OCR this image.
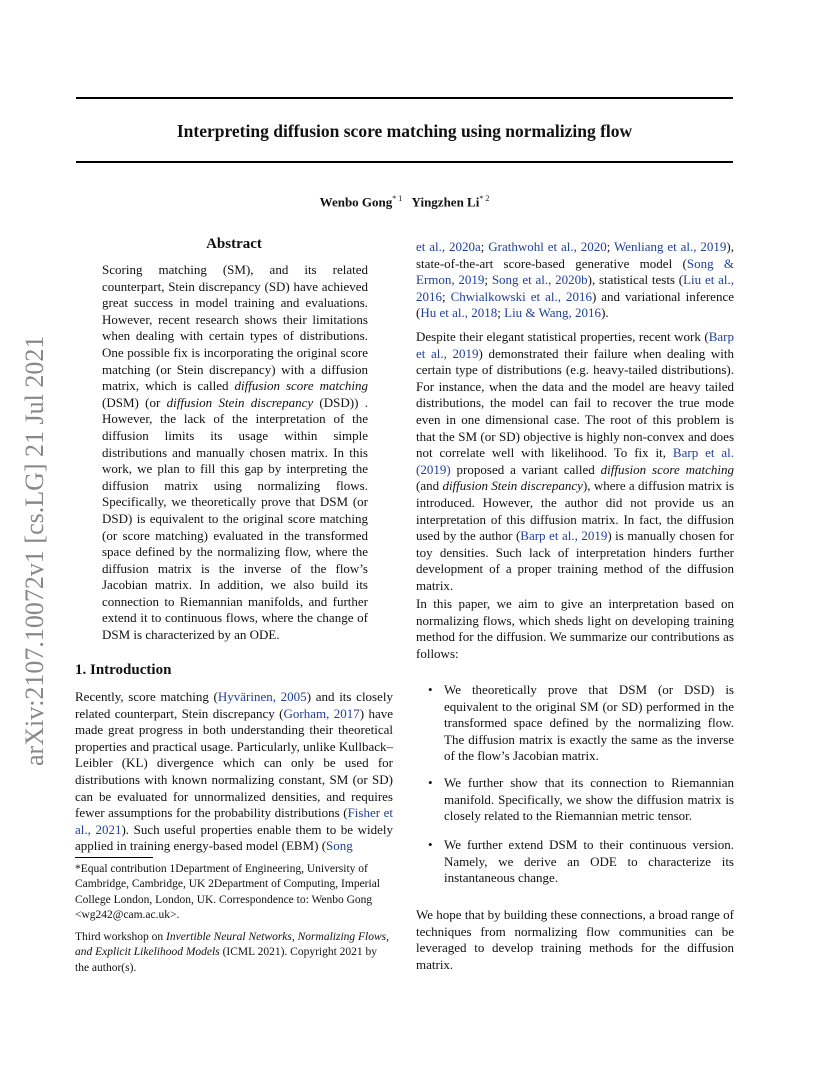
Interpreting diffusion score matching using normalizing flow
Wenbo Gong$^{* 1}$ Yingzhen Li$^{* 2}$
arXiv:2107.10072v1 [cs.LG] 21 Jul 2021
Abstract

Scoring matching (SM), and its related counterpart, Stein discrepancy (SD) have achieved great success in model training and evaluations. However, recent research shows their limitations when dealing with certain types of distributions. One possible fix is incorporating the original score matching (or Stein discrepancy) with a diffusion matrix, which is called diffusion score matching (DSM) (or diffusion Stein discrepancy (DSD)) . However, the lack of the interpretation of the diffusion limits its usage within simple distributions and manually chosen matrix. In this work, we plan to fill this gap by interpreting the diffusion matrix using normalizing flows. Specifically, we theoretically prove that DSM (or DSD) is equivalent to the original score matching (or score matching) evaluated in the transformed space defined by the normalizing flow, where the diffusion matrix is the inverse of the flow’s Jacobian matrix. In addition, we also build its connection to Riemannian manifolds, and further extend it to continuous flows, where the change of DSM is characterized by an ODE.

1. Introduction

Recently, score matching (Hyvärinen, 2005) and its closely related counterpart, Stein discrepancy (Gorham, 2017) have made great progress in both understanding their theoretical properties and practical usage. Particularly, unlike Kullback–Leibler (KL) divergence which can only be used for distributions with known normalizing constant, SM (or SD) can be evaluated for unnormalized densities, and requires fewer assumptions for the probability distributions (Fisher et al., 2021). Such useful properties enable them to be widely applied in training energy-based model (EBM) (Song

*Equal contribution 1Department of Engineering, University of Cambridge, Cambridge, UK 2Department of Computing, Imperial College London, London, UK. Correspondence to: Wenbo Gong <wg242@cam.ac.uk>.

Third workshop on Invertible Neural Networks, Normalizing Flows, and Explicit Likelihood Models (ICML 2021). Copyright 2021 by the author(s).

et al., 2020a; Grathwohl et al., 2020; Wenliang et al., 2019), state-of-the-art score-based generative model (Song & Ermon, 2019; Song et al., 2020b), statistical tests (Liu et al., 2016; Chwialkowski et al., 2016) and variational inference (Hu et al., 2018; Liu & Wang, 2016).

Despite their elegant statistical properties, recent work (Barp et al., 2019) demonstrated their failure when dealing with certain type of distributions (e.g. heavy-tailed distributions). For instance, when the data and the model are heavy tailed distributions, the model can fail to recover the true mode even in one dimensional case. The root of this problem is that the SM (or SD) objective is highly non-convex and does not correlate well with likelihood. To fix it, Barp et al. (2019) proposed a variant called diffusion score matching (and diffusion Stein discrepancy), where a diffusion matrix is introduced. However, the author did not provide us an interpretation of this diffusion matrix. In fact, the diffusion used by the author (Barp et al., 2019) is manually chosen for toy densities. Such lack of interpretation hinders further development of a proper training method of the diffusion matrix.

In this paper, we aim to give an interpretation based on normalizing flows, which sheds light on developing training method for the diffusion. We summarize our contributions as follows:

• We theoretically prove that DSM (or DSD) is equivalent to the original SM (or SD) performed in the transformed space defined by the normalizing flow. The diffusion matrix is exactly the same as the inverse of the flow’s Jacobian matrix.
• We further show that its connection to Riemannian manifold. Specifically, we show the diffusion matrix is closely related to the Riemannian metric tensor.
• We further extend DSM to their continuous version. Namely, we derive an ODE to characterize its instantaneous change.

We hope that by building these connections, a broad range of techniques from normalizing flow communities can be leveraged to develop training methods for the diffusion matrix.
